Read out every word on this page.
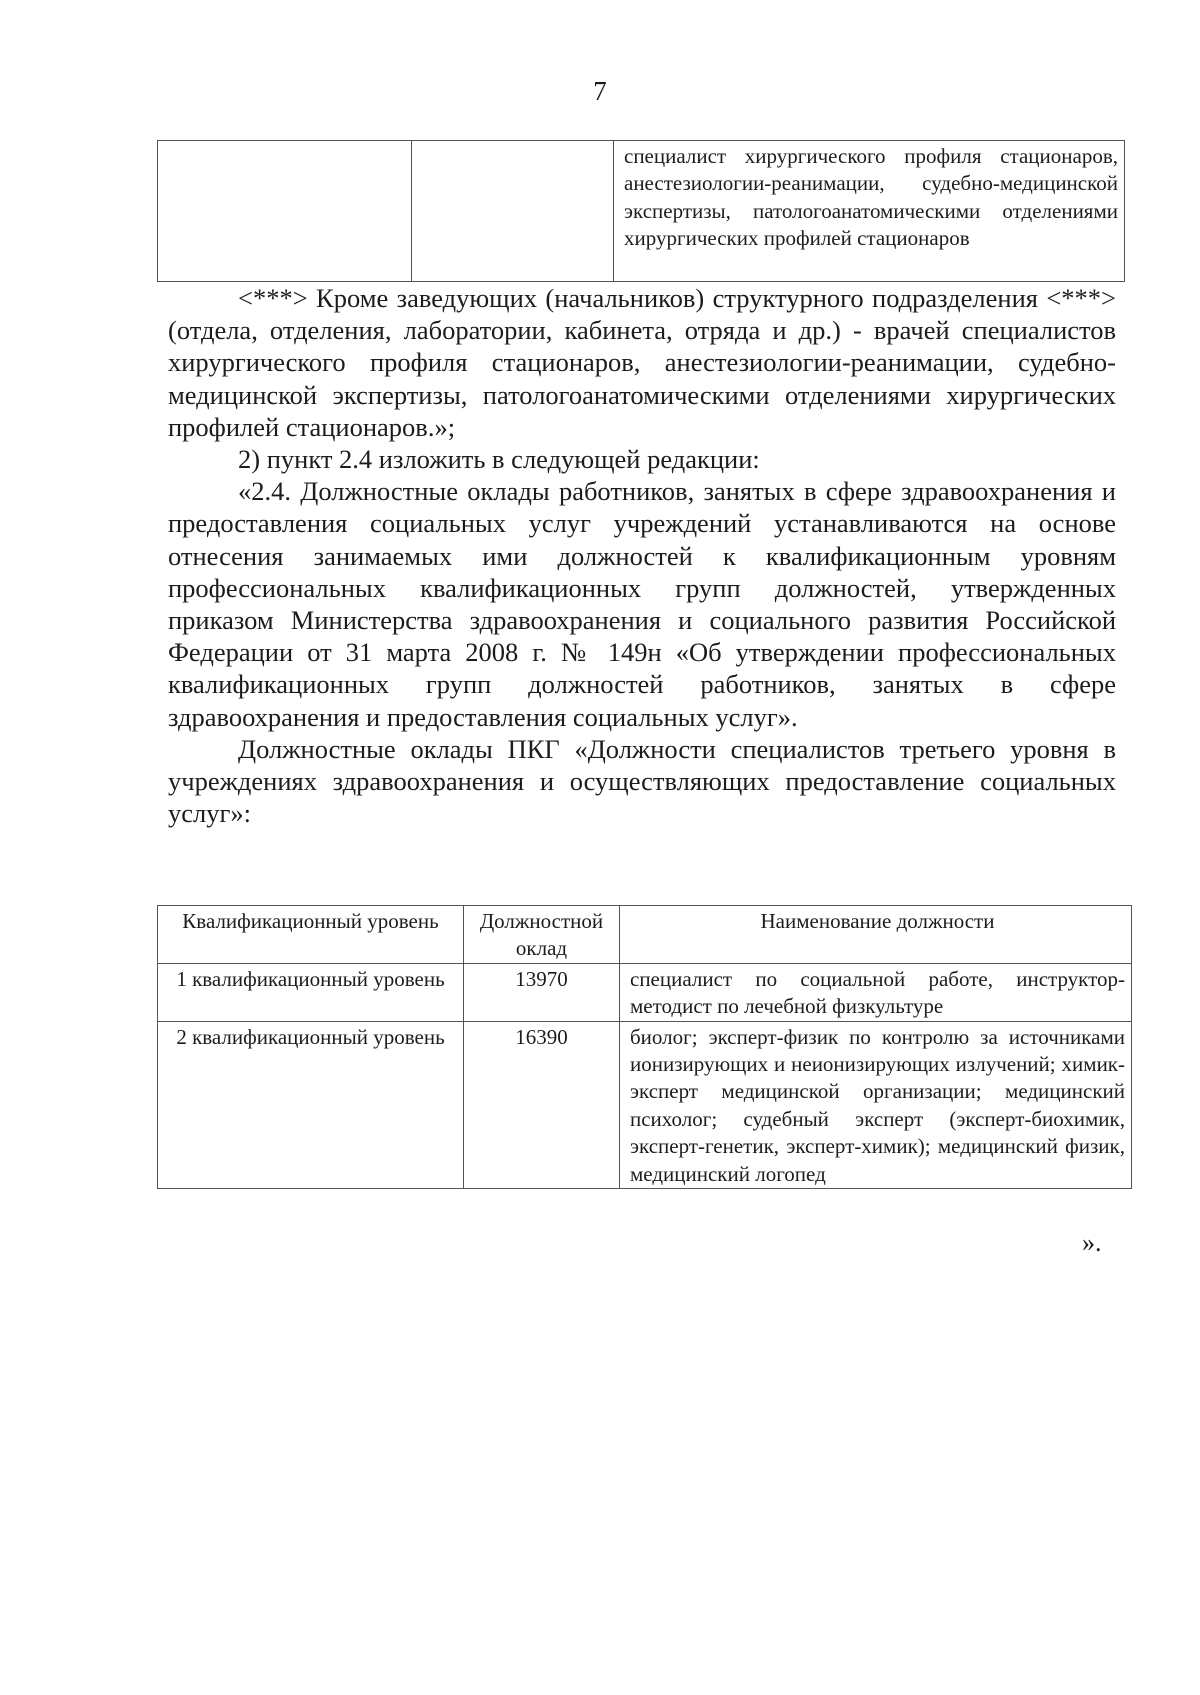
7
		специалист хирургического профиля стационаров, анестезиологии-реанимации, судебно-медицинской экспертизы, патологоанатомическими отделениями хирургических профилей стационаров

<***> Кроме заведующих (начальников) структурного подразделения <***> (отдела, отделения, лаборатории, кабинета, отряда и др.) - врачей специалистов хирургического профиля стационаров, анестезиологии-реанимации, судебно-медицинской экспертизы, патологоанатомическими отделениями хирургических профилей стационаров.»;

2) пункт 2.4 изложить в следующей редакции:

«2.4. Должностные оклады работников, занятых в сфере здравоохранения и предоставления социальных услуг учреждений устанавливаются на основе отнесения занимаемых ими должностей к квалификационным уровням профессиональных квалификационных групп должностей, утвержденных приказом Министерства здравоохранения и социального развития Российской Федерации от 31 марта 2008 г. № 149н «Об утверждении профессиональных квалификационных групп должностей работников, занятых в сфере здравоохранения и предоставления социальных услуг».

Должностные оклады ПКГ «Должности специалистов третьего уровня в учреждениях здравоохранения и осуществляющих предоставление социальных услуг»:

Квалификационный уровень	Должностной оклад	Наименование должности
1 квалификационный уровень	13970	специалист по социальной работе, инструктор-методист по лечебной физкультуре
2 квалификационный уровень	16390	биолог; эксперт-физик по контролю за источниками ионизирующих и неионизирующих излучений; химик-эксперт медицинской организации; медицинский психолог; судебный эксперт (эксперт-биохимик, эксперт-генетик, эксперт-химик); медицинский физик, медицинский логопед
».
